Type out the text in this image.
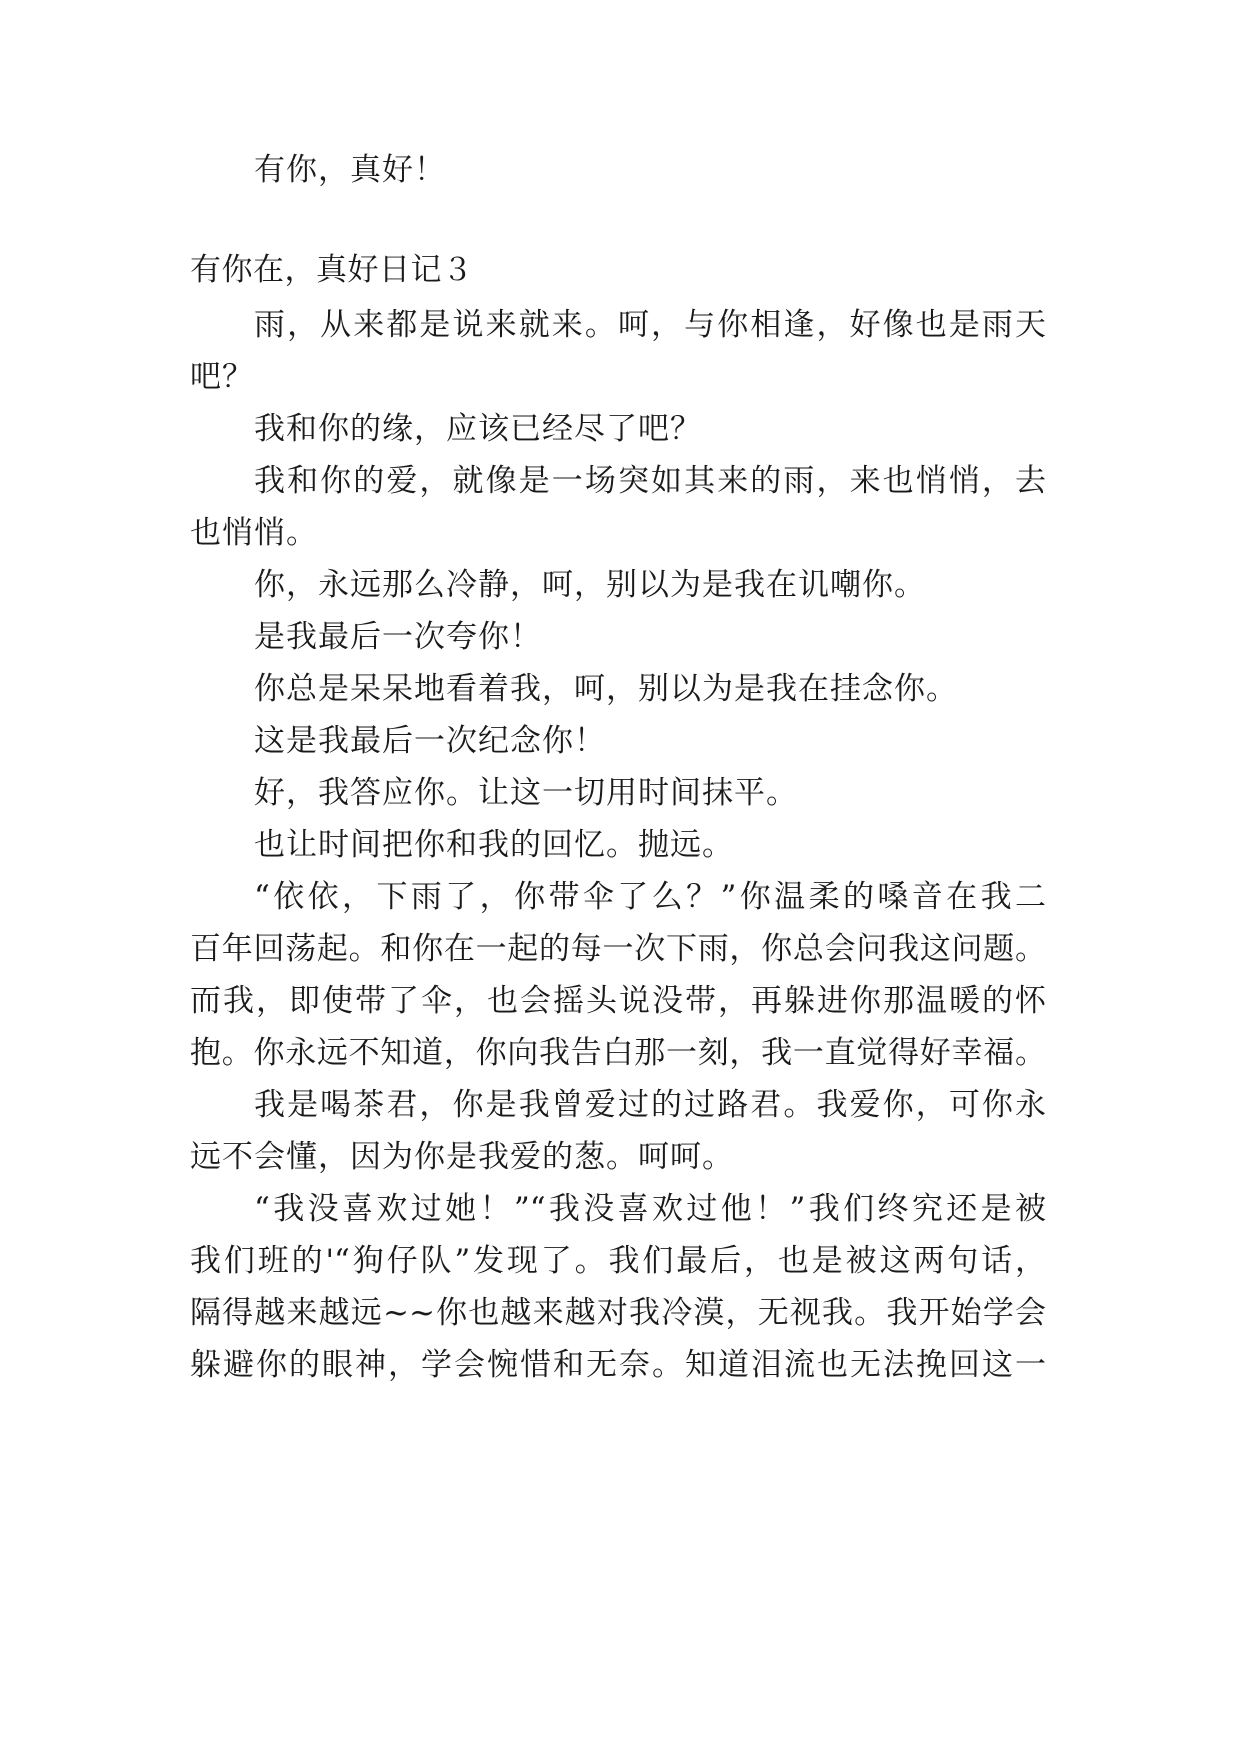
有你，真好！
有你在，真好日记３
雨，从来都是说来就来。呵，与你相逢，好像也是雨天
吧？
我和你的缘，应该已经尽了吧？
我和你的爱，就像是一场突如其来的雨，来也悄悄，去
也悄悄。
你，永远那么冷静，呵，别以为是我在讥嘲你。
是我最后一次夸你！
你总是呆呆地看着我，呵，别以为是我在挂念你。
这是我最后一次纪念你！
好，我答应你。让这一切用时间抹平。
也让时间把你和我的回忆。抛远。
“依依，下雨了，你带伞了么？”你温柔的嗓音在我二
百年回荡起。和你在一起的每一次下雨，你总会问我这问题。
而我，即使带了伞，也会摇头说没带，再躲进你那温暖的怀
抱。你永远不知道，你向我告白那一刻，我一直觉得好幸福。
我是喝茶君，你是我曾爱过的过路君。我爱你，可你永
远不会懂，因为你是我爱的葱。呵呵。
“我没喜欢过她！”“我没喜欢过他！”我们终究还是被
我们班的'“狗仔队”发现了。我们最后，也是被这两句话，
隔得越来越远~~你也越来越对我冷漠，无视我。我开始学会
躲避你的眼神，学会惋惜和无奈。知道泪流也无法挽回这一
